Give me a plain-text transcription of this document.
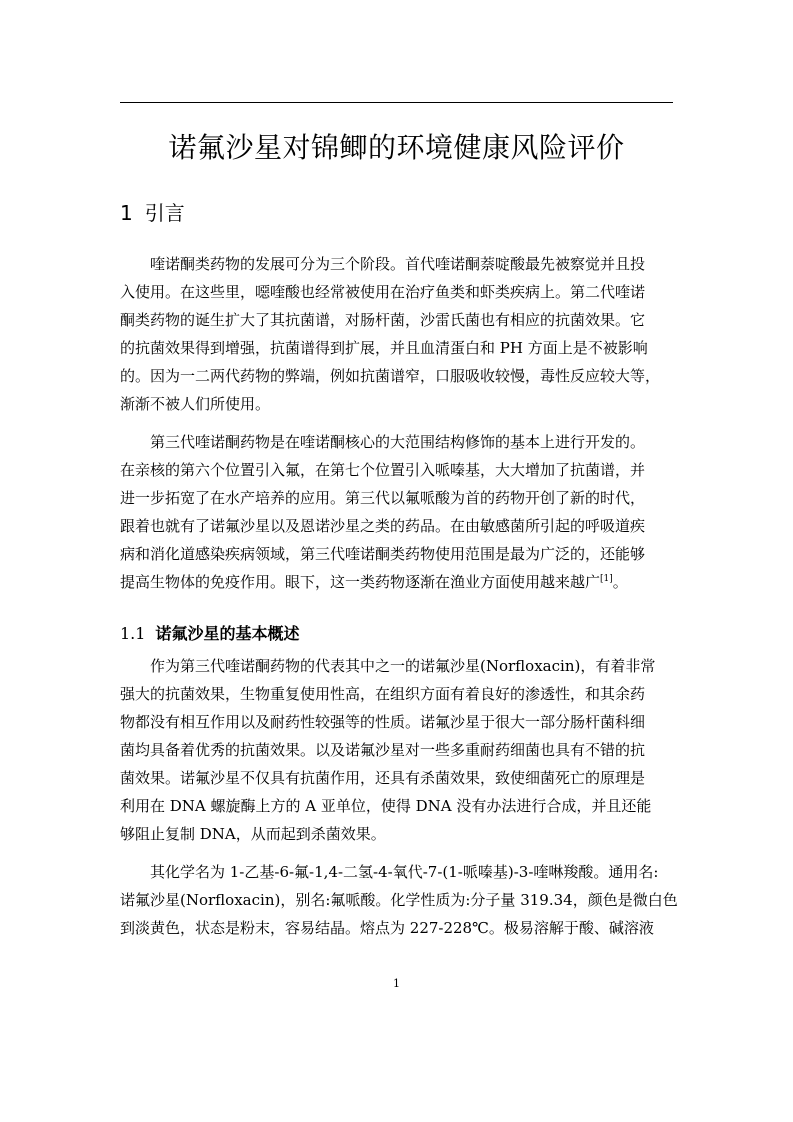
诺氟沙星对锦鲫的环境健康风险评价
1 引言
喹诺酮类药物的发展可分为三个阶段。首代喹诺酮萘啶酸最先被察觉并且投
入使用。在这些里，噁喹酸也经常被使用在治疗鱼类和虾类疾病上。第二代喹诺
酮类药物的诞生扩大了其抗菌谱，对肠杆菌，沙雷氏菌也有相应的抗菌效果。它
的抗菌效果得到增强，抗菌谱得到扩展，并且血清蛋白和 PH 方面上是不被影响
的。因为一二两代药物的弊端，例如抗菌谱窄，口服吸收较慢，毒性反应较大等，
渐渐不被人们所使用。
第三代喹诺酮药物是在喹诺酮核心的大范围结构修饰的基本上进行开发的。
在亲核的第六个位置引入氟，在第七个位置引入哌嗪基，大大增加了抗菌谱，并
进一步拓宽了在水产培养的应用。第三代以氟哌酸为首的药物开创了新的时代，
跟着也就有了诺氟沙星以及恩诺沙星之类的药品。在由敏感菌所引起的呼吸道疾
病和消化道感染疾病领域，第三代喹诺酮类药物使用范围是最为广泛的，还能够
提高生物体的免疫作用。眼下，这一类药物逐渐在渔业方面使用越来越广[1]。
1.1 诺氟沙星的基本概述
作为第三代喹诺酮药物的代表其中之一的诺氟沙星(Norfloxacin)，有着非常
强大的抗菌效果，生物重复使用性高，在组织方面有着良好的渗透性，和其余药
物都没有相互作用以及耐药性较强等的性质。诺氟沙星于很大一部分肠杆菌科细
菌均具备着优秀的抗菌效果。以及诺氟沙星对一些多重耐药细菌也具有不错的抗
菌效果。诺氟沙星不仅具有抗菌作用，还具有杀菌效果，致使细菌死亡的原理是
利用在 DNA 螺旋酶上方的 A 亚单位，使得 DNA 没有办法进行合成，并且还能
够阻止复制 DNA，从而起到杀菌效果。
其化学名为 1-乙基-6-氟-1,4-二氢-4-氧代-7-(1-哌嗪基)-3-喹啉羧酸。通用名:
诺氟沙星(Norfloxacin)，别名:氟哌酸。化学性质为:分子量 319.34，颜色是微白色
到淡黄色，状态是粉末，容易结晶。熔点为 227-228℃。极易溶解于酸、碱溶液
1
